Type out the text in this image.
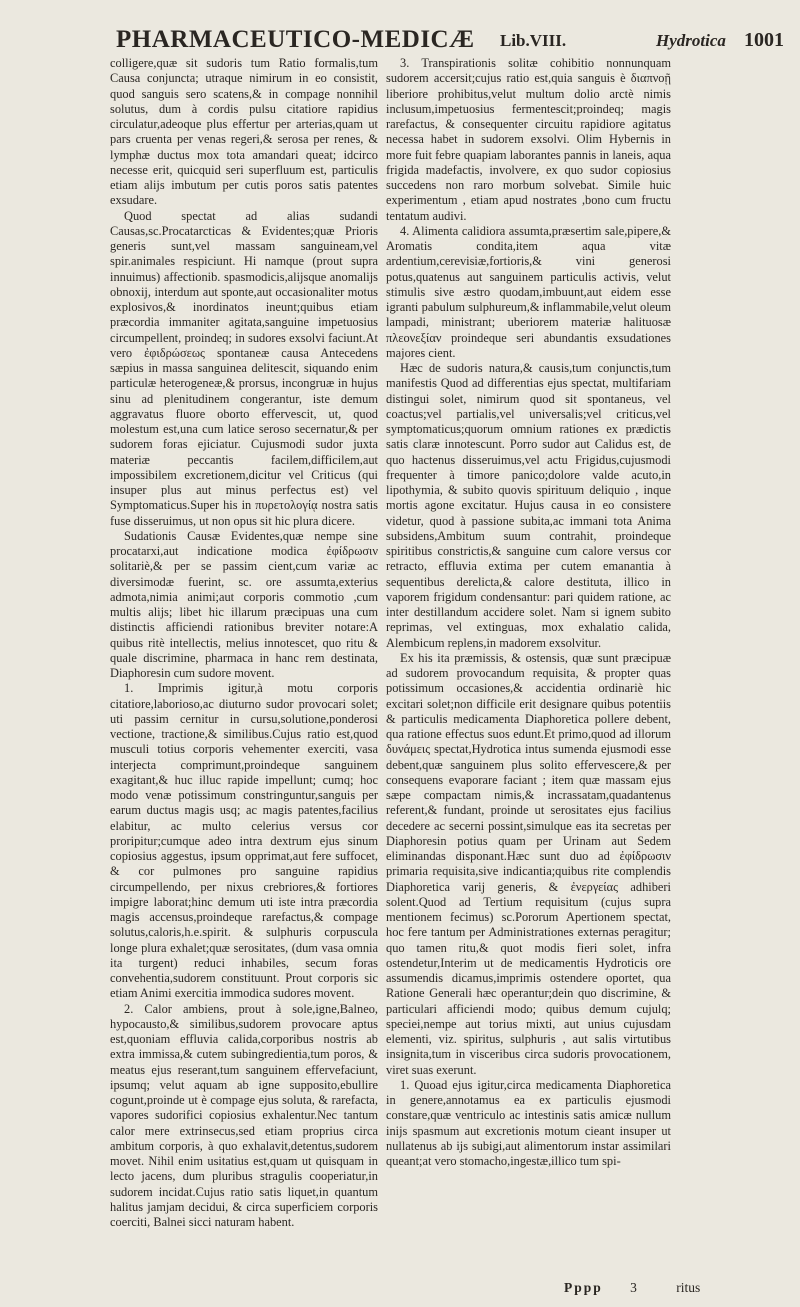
PHARMACEUTICO-MEDICÆ Lib.VIII.	Hydrotica 1001

colligere,quæ sit sudoris tum Ratio formalis,tum Causa conjuncta; utraque nimirum in eo consistit, quod sanguis sero scatens,& in compage nonnihil solutus, dum à cordis pulsu citatiore rapidius circulatur,adeoque plus effertur per arterias,quam ut pars cruenta per venas regeri,& serosa per renes, & lymphæ ductus mox tota amandari queat; idcirco necesse erit, quicquid seri superfluum est, particulis etiam alijs imbutum per cutis poros satis patentes exsudare.

Quod spectat ad alias sudandi Causas,sc.Procatarcticas & Evidentes;quæ Prioris generis sunt,vel massam sanguineam,vel spir.animales respiciunt. Hi namque (prout supra innuimus) affectionib. spasmodicis,alijsque anomalijs obnoxij, interdum aut sponte,aut occasionaliter motus explosivos,& inordinatos ineunt;quibus etiam præcordia immaniter agitata,sanguine impetuosius circumpellent, proindeq; in sudores exsolvi faciunt.At vero ἐφιδρώσεως spontaneæ causa Antecedens sæpius in massa sanguinea delitescit, siquando enim particulæ heterogeneæ,& prorsus, incongruæ in hujus sinu ad plenitudinem congerantur, iste demum aggravatus fluore oborto effervescit, ut, quod molestum est,una cum latice seroso secernatur,& per sudorem foras ejiciatur. Cujusmodi sudor juxta materiæ peccantis facilem,difficilem,aut impossibilem excretionem,dicitur vel Criticus (qui insuper plus aut minus perfectus est) vel Symptomaticus.Super his in πυρετολογίᾳ nostra satis fuse disseruimus, ut non opus sit hic plura dicere.

Sudationis Causæ Evidentes,quæ nempe sine procatarxi,aut indicatione modica ἐφίδρωσιν solitariè,& per se passim cient,cum variæ ac diversimodæ fuerint, sc. ore assumta,exterius admota,nimia animi;aut corporis commotio ,cum multis alijs; libet hic illarum præcipuas una cum distinctis afficiendi rationibus breviter notare:A quibus ritè intellectis, melius innotescet, quo ritu & quale discrimine, pharmaca in hanc rem destinata, Diaphoresin cum sudore movent.

1. Imprimis igitur,à motu corporis citatiore,laborioso,ac diuturno sudor provocari solet; uti passim cernitur in cursu,solutione,ponderosi vectione, tractione,& similibus.Cujus ratio est,quod musculi totius corporis vehementer exerciti, vasa interjecta comprimunt,proindeque sanguinem exagitant,& huc illuc rapide impellunt; cumq; hoc modo venæ potissimum constringuntur,sanguis per earum ductus magis usq; ac magis patentes,facilius elabitur, ac multo celerius versus cor proripitur;cumque adeo intra dextrum ejus sinum copiosius aggestus, ipsum opprimat,aut fere suffocet, & cor pulmones pro sanguine rapidius circumpellendo, per nixus crebriores,& fortiores impigre laborat;hinc demum uti iste intra præcordia magis accensus,proindeque rarefactus,& compage solutus,caloris,h.e.spirit. & sulphuris corpuscula longe plura exhalet;quæ serositates, (dum vasa omnia ita turgent) reduci inhabiles, secum foras convehentia,sudorem constituunt. Prout corporis sic etiam Animi exercitia immodica sudores movent.

2. Calor ambiens, prout à sole,igne,Balneo, hypocausto,& similibus,sudorem provocare aptus est,quoniam effluvia calida,corporibus nostris ab extra immissa,& cutem subingredientia,tum poros, & meatus ejus reserant,tum sanguinem effervefaciunt, ipsumq; velut aquam ab igne supposito,ebullire cogunt,proinde ut è compage ejus soluta, & rarefacta, vapores sudorifici copiosius exhalentur.Nec tantum calor mere extrinsecus,sed etiam proprius circa ambitum corporis, à quo exhalavit,detentus,sudorem movet. Nihil enim usitatius est,quam ut quisquam in lecto jacens, dum pluribus stragulis cooperiatur,in sudorem incidat.Cujus ratio satis liquet,in quantum halitus jamjam decidui, & circa superficiem corporis coerciti, Balnei sicci naturam habent.

3. Transpirationis solitæ cohibitio nonnunquam sudorem accersit;cujus ratio est,quia sanguis è διαπνοῇ liberiore prohibitus,velut multum dolio arctè nimis inclusum,impetuosius fermentescit;proindeq; magis rarefactus, & consequenter circuitu rapidiore agitatus necessa habet in sudorem exsolvi. Olim Hybernis in more fuit febre quapiam laborantes pannis in laneis, aqua frigida madefactis, involvere, ex quo sudor copiosius succedens non raro morbum solvebat. Simile huic experimentum , etiam apud nostrates ,bono cum fructu tentatum audivi.

4. Alimenta calidiora assumta,præsertim sale,pipere,& Aromatis condita,item aqua vitæ ardentium,cerevisiæ,fortioris,& vini generosi potus,quatenus aut sanguinem particulis activis, velut stimulis sive æstro quodam,imbuunt,aut eidem esse igranti pabulum sulphureum,& inflammabile,velut oleum lampadi, ministrant; uberiorem materiæ halituosæ πλεονεξίαν proindeque seri abundantis exsudationes majores cient.

Hæc de sudoris natura,& causis,tum conjunctis,tum manifestis Quod ad differentias ejus spectat, multifariam distingui solet, nimirum quod sit spontaneus, vel coactus;vel partialis,vel universalis;vel criticus,vel symptomaticus;quorum omnium rationes ex prædictis satis claræ innotescunt. Porro sudor aut Calidus est, de quo hactenus disseruimus,vel actu Frigidus,cujusmodi frequenter à timore panico;dolore valde acuto,in lipothymia, & subito quovis spirituum deliquio , inque mortis agone excitatur. Hujus causa in eo consistere videtur, quod à passione subita,ac immani tota Anima subsidens,Ambitum suum contrahit, proindeque spiritibus constrictis,& sanguine cum calore versus cor retracto, effluvia extima per cutem emanantia à sequentibus derelicta,& calore destituta, illico in vaporem frigidum condensantur: pari quidem ratione, ac inter destillandum accidere solet. Nam si ignem subito reprimas, vel extinguas, mox exhalatio calida, Alembicum replens,in madorem exsolvitur.

Ex his ita præmissis, & ostensis, quæ sunt præcipuæ ad sudorem provocandum requisita, & propter quas potissimum occasiones,& accidentia ordinariè hic excitari solet;non difficile erit designare quibus potentiis & particulis medicamenta Diaphoretica pollere debent, qua ratione effectus suos edunt.Et primo,quod ad illorum δυνάμεις spectat,Hydrotica intus sumenda ejusmodi esse debent,quæ sanguinem plus solito effervescere,& per consequens evaporare faciant ; item quæ massam ejus sæpe compactam nimis,& incrassatam,quadantenus referent,& fundant, proinde ut serositates ejus facilius decedere ac secerni possint,simulque eas ita secretas per Diaphoresin potius quam per Urinam aut Sedem eliminandas disponant.Hæc sunt duo ad ἐφίδρωσιν primaria requisita,sive indicantia;quibus rite complendis Diaphoretica varij generis, & ἐνεργείας adhiberi solent.Quod ad Tertium requisitum (cujus supra mentionem fecimus) sc.Pororum Apertionem spectat, hoc fere tantum per Administrationes externas peragitur; quo tamen ritu,& quot modis fieri solet, infra ostendetur,Interim ut de medicamentis Hydroticis ore assumendis dicamus,imprimis ostendere oportet, qua Ratione Generali hæc operantur;dein quo discrimine, & particulari afficiendi modo; quibus demum cujulq; speciei,nempe aut torius mixti, aut unius cujusdam elementi, viz. spiritus, sulphuris , aut salis virtutibus insignita,tum in visceribus circa sudoris provocationem, viret suas exerunt.

1. Quoad ejus igitur,circa medicamenta Diaphoretica in genere,annotamus ea ex particulis ejusmodi constare,quæ ventriculo ac intestinis satis amicæ nullum inijs spasmum aut excretionis motum cieant insuper ut nullatenus ab ijs subigi,aut alimentorum instar assimilari queant;at vero stomacho,ingestæ,illico tum spi-

Pppp 3	ritus
